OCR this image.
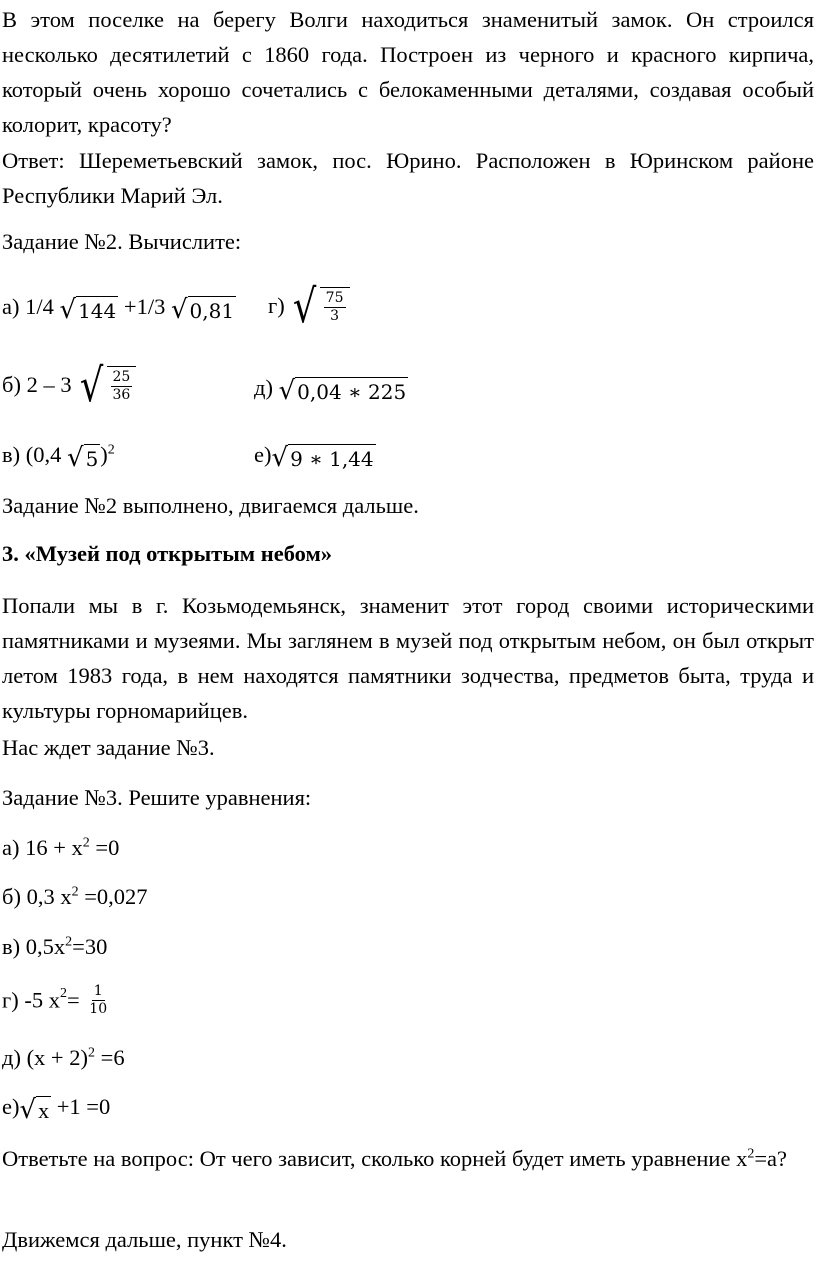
В этом поселке на берегу Волги находиться знаменитый замок. Он строился несколько десятилетий с 1860 года. Построен из черного и красного кирпича, который очень хорошо сочетались с белокаменными деталями, создавая особый колорит, красоту?

Ответ: Шереметьевский замок, пос. Юрино. Расположен в Юринском районе Республики Марий Эл.

Задание №2. Вычислите:

а) 1/4 √ 144 +1/3 √ 0,81 г) √ $\frac{75}{3}$
б) 2 – 3 √ $\frac{25}{36}$	д) √ 0,04 ∗ 225
в) (0,4 √ 5)$^2$	е)√ 9 ∗ 1,44

Задание №2 выполнено, двигаемся дальше.

3. «Музей под открытым небом»

Попали мы в г. Козьмодемьянск, знаменит этот город своими историческими памятниками и музеями. Мы заглянем в музей под открытым небом, он был открыт летом 1983 года, в нем находятся памятники зодчества, предметов быта, труда и культуры горномарийцев.

Нас ждет задание №3.

Задание №3. Решите уравнения:

а) $16 + x^2 =0$
б) 0,3 $x^2 =0,027$
в) $0,5x^2=30$
г) -5 $x^2= \frac{1}{10}$
д) $(x + 2)^2 =6$
е)√x +1 =0

Ответьте на вопрос: От чего зависит, сколько корней будет иметь уравнение $x^2=a$?

Движемся дальше, пункт №4.
